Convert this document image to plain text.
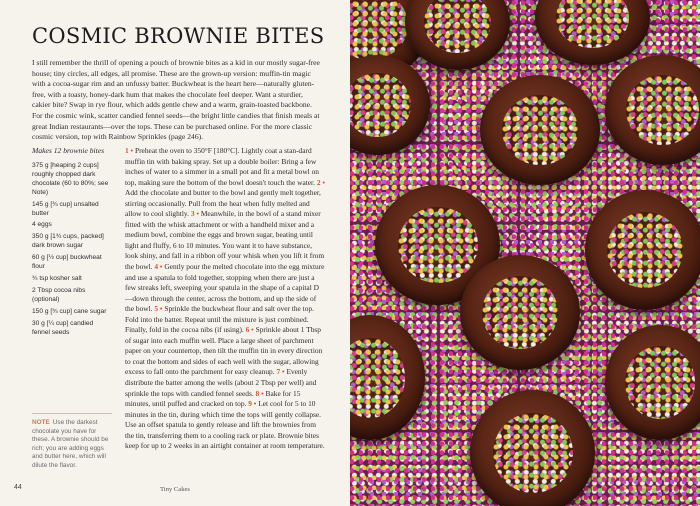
COSMIC BROWNIE BITES

I still remember the thrill of opening a pouch of brownie bites as a kid in our mostly sugar-free house; tiny circles, all edges, all promise. These are the grown-up version: muffin-tin magic with a cocoa-sugar rim and an unfussy batter. Buckwheat is the heart here—naturally gluten-free, with a toasty, honey-dark hum that makes the chocolate feel deeper. Want a sturdier, cakier bite? Swap in rye flour, which adds gentle chew and a warm, grain-toasted backbone. For the cosmic wink, scatter candied fennel seeds—the bright little candies that finish meals at great Indian restaurants—over the tops. These can be purchased online. For the more classic cosmic version, top with Rainbow Sprinkles (page 246).

Makes 12 brownie bites

375 g [heaping 2 cups] roughly chopped dark chocolate (60 to 80%; see Note)
145 g [¾ cup] unsalted butter
4 eggs
350 g [1¾ cups, packed] dark brown sugar
60 g [½ cup] buckwheat flour
¾ tsp kosher salt
2 Tbsp cocoa nibs (optional)
150 g [¾ cup] cane sugar
30 g [¼ cup] candied fennel seeds

NOTE Use the darkest chocolate you have for these. A brownie should be rich; you are adding eggs and butter here, which will dilute the flavor.

1 • Preheat the oven to 350°F [180°C]. Lightly coat a stan-dard muffin tin with baking spray. Set up a double boiler: Bring a few inches of water to a simmer in a small pot and fit a metal bowl on top, making sure the bottom of the bowl doesn't touch the water. 2 • Add the chocolate and butter to the bowl and gently melt together, stirring occasionally. Pull from the heat when fully melted and allow to cool slightly. 3 • Meanwhile, in the bowl of a stand mixer fitted with the whisk attachment or with a handheld mixer and a medium bowl, combine the eggs and brown sugar, beating until light and fluffy, 6 to 10 minutes. You want it to have substance, look shiny, and fall in a ribbon off your whisk when you lift it from the bowl. 4 • Gently pour the melted chocolate into the egg mixture and use a spatula to fold together, stopping when there are just a few streaks left, sweeping your spatula in the shape of a capital D—down through the center, across the bottom, and up the side of the bowl. 5 • Sprinkle the buckwheat flour and salt over the top. Fold into the batter. Repeat until the mixture is just combined. Finally, fold in the cocoa nibs (if using). 6 • Sprinkle about 1 Tbsp of sugar into each muffin well. Place a large sheet of parchment paper on your countertop, then tilt the muffin tin in every direction to coat the bottom and sides of each well with the sugar, allowing excess to fall onto the parchment for easy cleanup. 7 • Evenly distribute the batter among the wells (about 2 Tbsp per well) and sprinkle the tops with candied fennel seeds. 8 • Bake for 15 minutes, until puffed and cracked on top. 9 • Let cool for 5 to 10 minutes in the tin, during which time the tops will gently collapse. Use an offset spatula to gently release and lift the brownies from the tin, transferring them to a cooling rack or plate. Brownie bites keep for up to 2 weeks in an airtight container at room temperature.

44	Tiny Cakes
